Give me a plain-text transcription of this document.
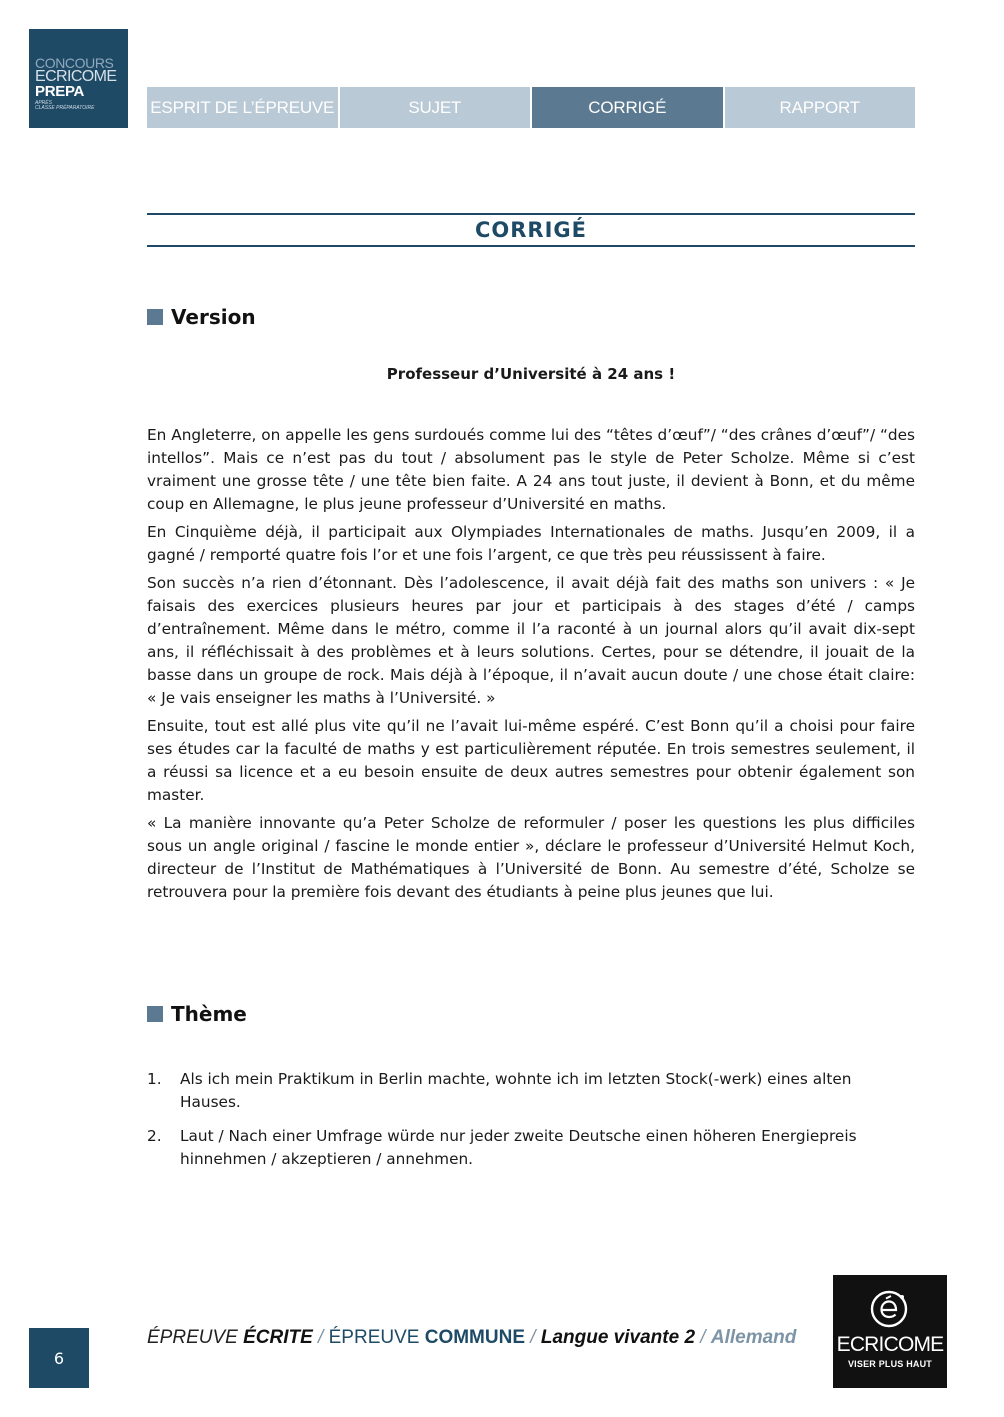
CONCOURS
ECRICOME
PREPA
APRÈS
CLASSE PRÉPARATOIRE	ESPRIT DE L’ÉPREUVE	SUJET	CORRIGÉ	RAPPORT
CORRIGÉ
Version
Professeur d’Université à 24 ans !

En Angleterre, on appelle les gens surdoués comme lui des “têtes d’œuf”/ “des crânes d’œuf”/ “des intellos”. Mais ce n’est pas du tout / absolument pas le style de Peter Scholze. Même si c’est vraiment une grosse tête / une tête bien faite. A 24 ans tout juste, il devient à Bonn, et du même coup en Allemagne, le plus jeune professeur d’Université en maths.

En Cinquième déjà, il participait aux Olympiades Internationales de maths. Jusqu’en 2009, il a gagné / remporté quatre fois l’or et une fois l’argent, ce que très peu réussissent à faire.

Son succès n’a rien d’étonnant. Dès l’adolescence, il avait déjà fait des maths son univers : « Je faisais des exercices plusieurs heures par jour et participais à des stages d’été / camps d’entraînement. Même dans le métro, comme il l’a raconté à un journal alors qu’il avait dix-sept ans, il réfléchissait à des problèmes et à leurs solutions. Certes, pour se détendre, il jouait de la basse dans un groupe de rock. Mais déjà à l’époque, il n’avait aucun doute / une chose était claire: « Je vais enseigner les maths à l’Université. »

Ensuite, tout est allé plus vite qu’il ne l’avait lui-même espéré. C’est Bonn qu’il a choisi pour faire ses études car la faculté de maths y est particulièrement réputée. En trois semestres seulement, il a réussi sa licence et a eu besoin ensuite de deux autres semestres pour obtenir également son master.

« La manière innovante qu’a Peter Scholze de reformuler / poser les questions les plus difficiles sous un angle original / fascine le monde entier », déclare le professeur d’Université Helmut Koch, directeur de l’Institut de Mathématiques à l’Université de Bonn. Au semestre d’été, Scholze se retrouvera pour la première fois devant des étudiants à peine plus jeunes que lui.

Thème
1.	Als ich mein Praktikum in Berlin machte, wohnte ich im letzten Stock(-werk) eines alten Hauses.
2.	Laut / Nach einer Umfrage würde nur jeder zweite Deutsche einen höheren Energiepreis hinnehmen / akzeptieren / annehmen.
6
ÉPREUVE ÉCRITE / ÉPREUVE COMMUNE / Langue vivante 2 / Allemand ECRICOME
VISER PLUS HAUT
